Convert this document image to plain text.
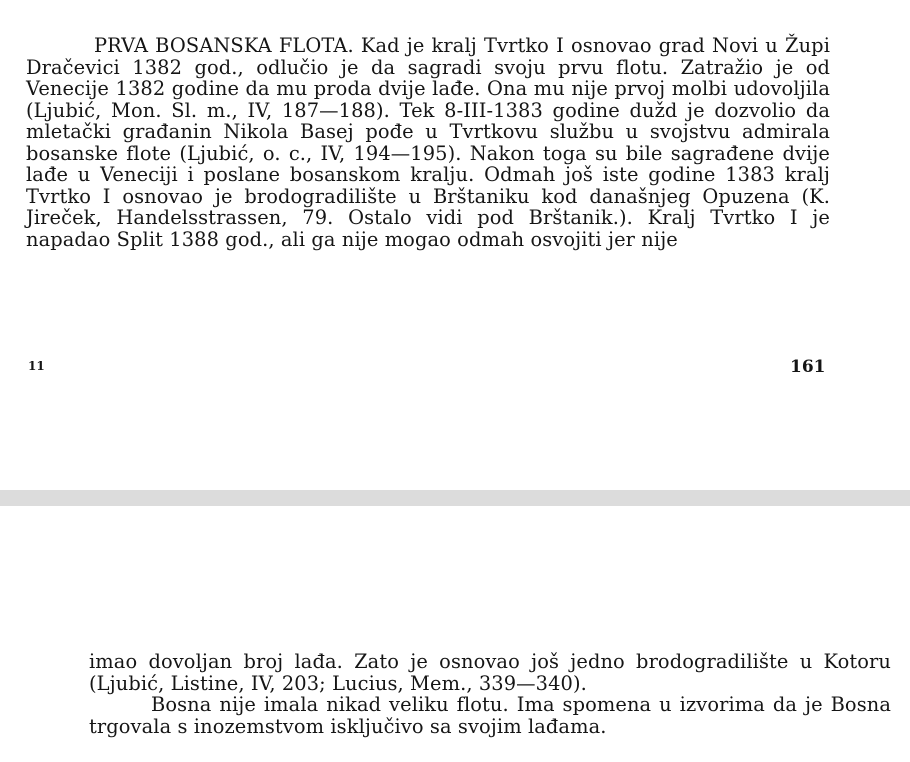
PRVA BOSANSKA FLOTA. Kad je kralj Tvrtko I osnovao grad Novi u Župi Dračevici 1382 god., odlučio je da sagradi svoju prvu flotu. Zatražio je od Venecije 1382 godine da mu proda dvije lađe. Ona mu nije prvoj molbi udovoljila (Ljubić, Mon. Sl. m., IV, 187—188). Tek 8-III-1383 godine dužd je dozvolio da mletački građanin Nikola Basej pođe u Tvrtkovu službu u svojstvu admirala bosanske flote (Ljubić, o. c., IV, 194—195). Nakon toga su bile sagrađene dvije lađe u Veneciji i poslane bosanskom kralju. Odmah još iste godine 1383 kralj Tvrtko I osnovao je brodogradilište u Brštaniku kod današnjeg Opuzena (K. Jireček, Handelsstrassen, 79. Ostalo vidi pod Brštanik.). Kralj Tvrtko I je napadao Split 1388 god., ali ga nije mogao odmah osvojiti jer nije

11	161

imao dovoljan broj lađa. Zato je osnovao još jedno brodogradilište u Kotoru (Ljubić, Listine, IV, 203; Lucius, Mem., 339—340).

Bosna nije imala nikad veliku flotu. Ima spomena u izvorima da je Bosna trgovala s inozemstvom isključivo sa svojim lađama.
